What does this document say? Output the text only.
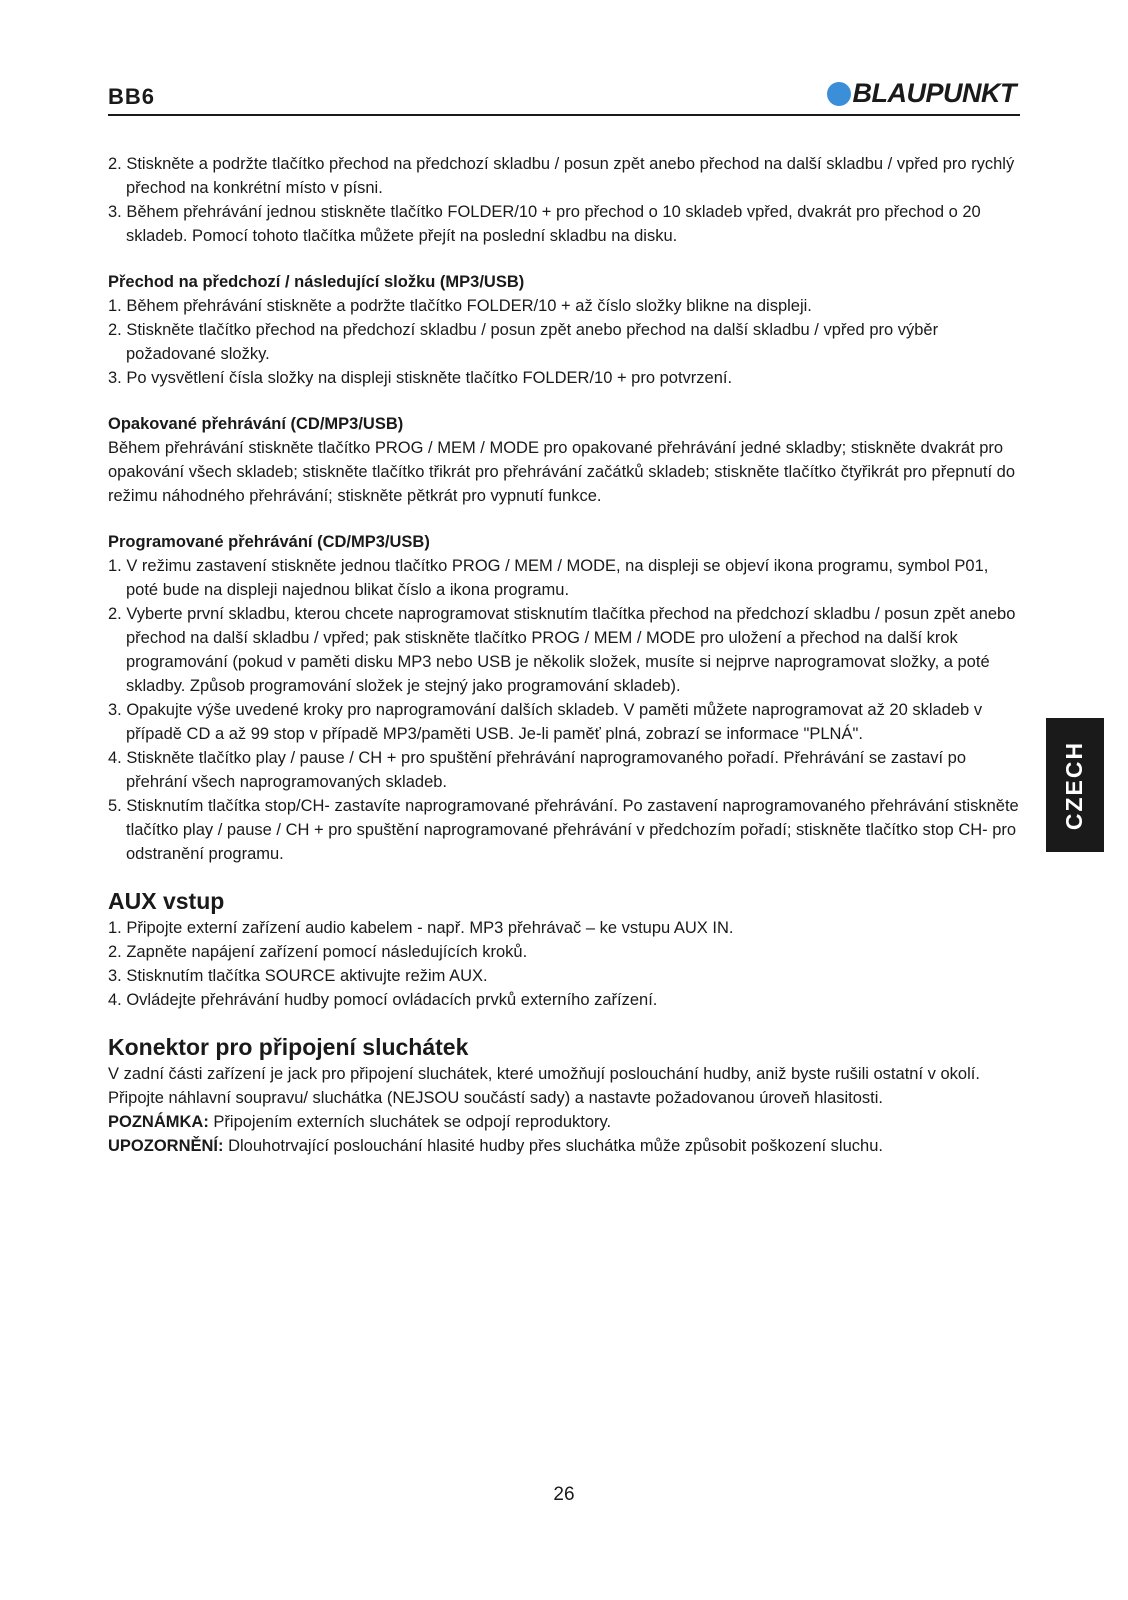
BB6	BLAUPUNKT

2. Stiskněte a podržte tlačítko přechod na předchozí skladbu / posun zpět anebo přechod na další skladbu / vpřed pro rychlý přechod na konkrétní místo v písni.

3. Během přehrávání jednou stiskněte tlačítko FOLDER/10 + pro přechod o 10 skladeb vpřed, dvakrát pro přechod o 20 skladeb. Pomocí tohoto tlačítka můžete přejít na poslední skladbu na disku.

Přechod na předchozí / následující složku (MP3/USB)

1. Během přehrávání stiskněte a podržte tlačítko FOLDER/10 + až číslo složky blikne na displeji.

2. Stiskněte tlačítko přechod na předchozí skladbu / posun zpět anebo přechod na další skladbu / vpřed pro výběr požadované složky.

3. Po vysvětlení čísla složky na displeji stiskněte tlačítko FOLDER/10 + pro potvrzení.

Opakované přehrávání (CD/MP3/USB)

Během přehrávání stiskněte tlačítko PROG / MEM / MODE pro opakované přehrávání jedné skladby; stiskněte dvakrát pro opakování všech skladeb; stiskněte tlačítko třikrát pro přehrávání začátků skladeb; stiskněte tlačítko čtyřikrát pro přepnutí do režimu náhodného přehrávání; stiskněte pětkrát pro vypnutí funkce.

Programované přehrávání (CD/MP3/USB)

1. V režimu zastavení stiskněte jednou tlačítko PROG / MEM / MODE, na displeji se objeví ikona programu, symbol P01, poté bude na displeji najednou blikat číslo a ikona programu.

2. Vyberte první skladbu, kterou chcete naprogramovat stisknutím tlačítka přechod na předchozí skladbu / posun zpět anebo přechod na další skladbu / vpřed; pak stiskněte tlačítko PROG / MEM / MODE pro uložení a přechod na další krok programování (pokud v paměti disku MP3 nebo USB je několik složek, musíte si nejprve naprogramovat složky, a poté skladby. Způsob programování složek je stejný jako programování skladeb).

3. Opakujte výše uvedené kroky pro naprogramování dalších skladeb. V paměti můžete naprogramovat až 20 skladeb v případě CD a až 99 stop v případě MP3/paměti USB. Je-li paměť plná, zobrazí se informace "PLNÁ".

4. Stiskněte tlačítko play / pause / CH + pro spuštění přehrávání naprogramovaného pořadí. Přehrávání se zastaví po přehrání všech naprogramovaných skladeb.

5. Stisknutím tlačítka stop/CH- zastavíte naprogramované přehrávání. Po zastavení naprogramovaného přehrávání stiskněte tlačítko play / pause / CH + pro spuštění naprogramované přehrávání v předchozím pořadí; stiskněte tlačítko stop CH- pro odstranění programu.

AUX vstup

1. Připojte externí zařízení audio kabelem - např. MP3 přehrávač – ke vstupu AUX IN.

2. Zapněte napájení zařízení pomocí následujících kroků.

3. Stisknutím tlačítka SOURCE aktivujte režim AUX.

4. Ovládejte přehrávání hudby pomocí ovládacích prvků externího zařízení.

Konektor pro připojení sluchátek

V zadní části zařízení je jack pro připojení sluchátek, které umožňují poslouchání hudby, aniž byste rušili ostatní v okolí. Připojte náhlavní soupravu/ sluchátka (NEJSOU součástí sady) a nastavte požadovanou úroveň hlasitosti.

POZNÁMKA: Připojením externích sluchátek se odpojí reproduktory.

UPOZORNĚNÍ: Dlouhotrvající poslouchání hlasité hudby přes sluchátka může způsobit poškození sluchu.

CZECH
26
